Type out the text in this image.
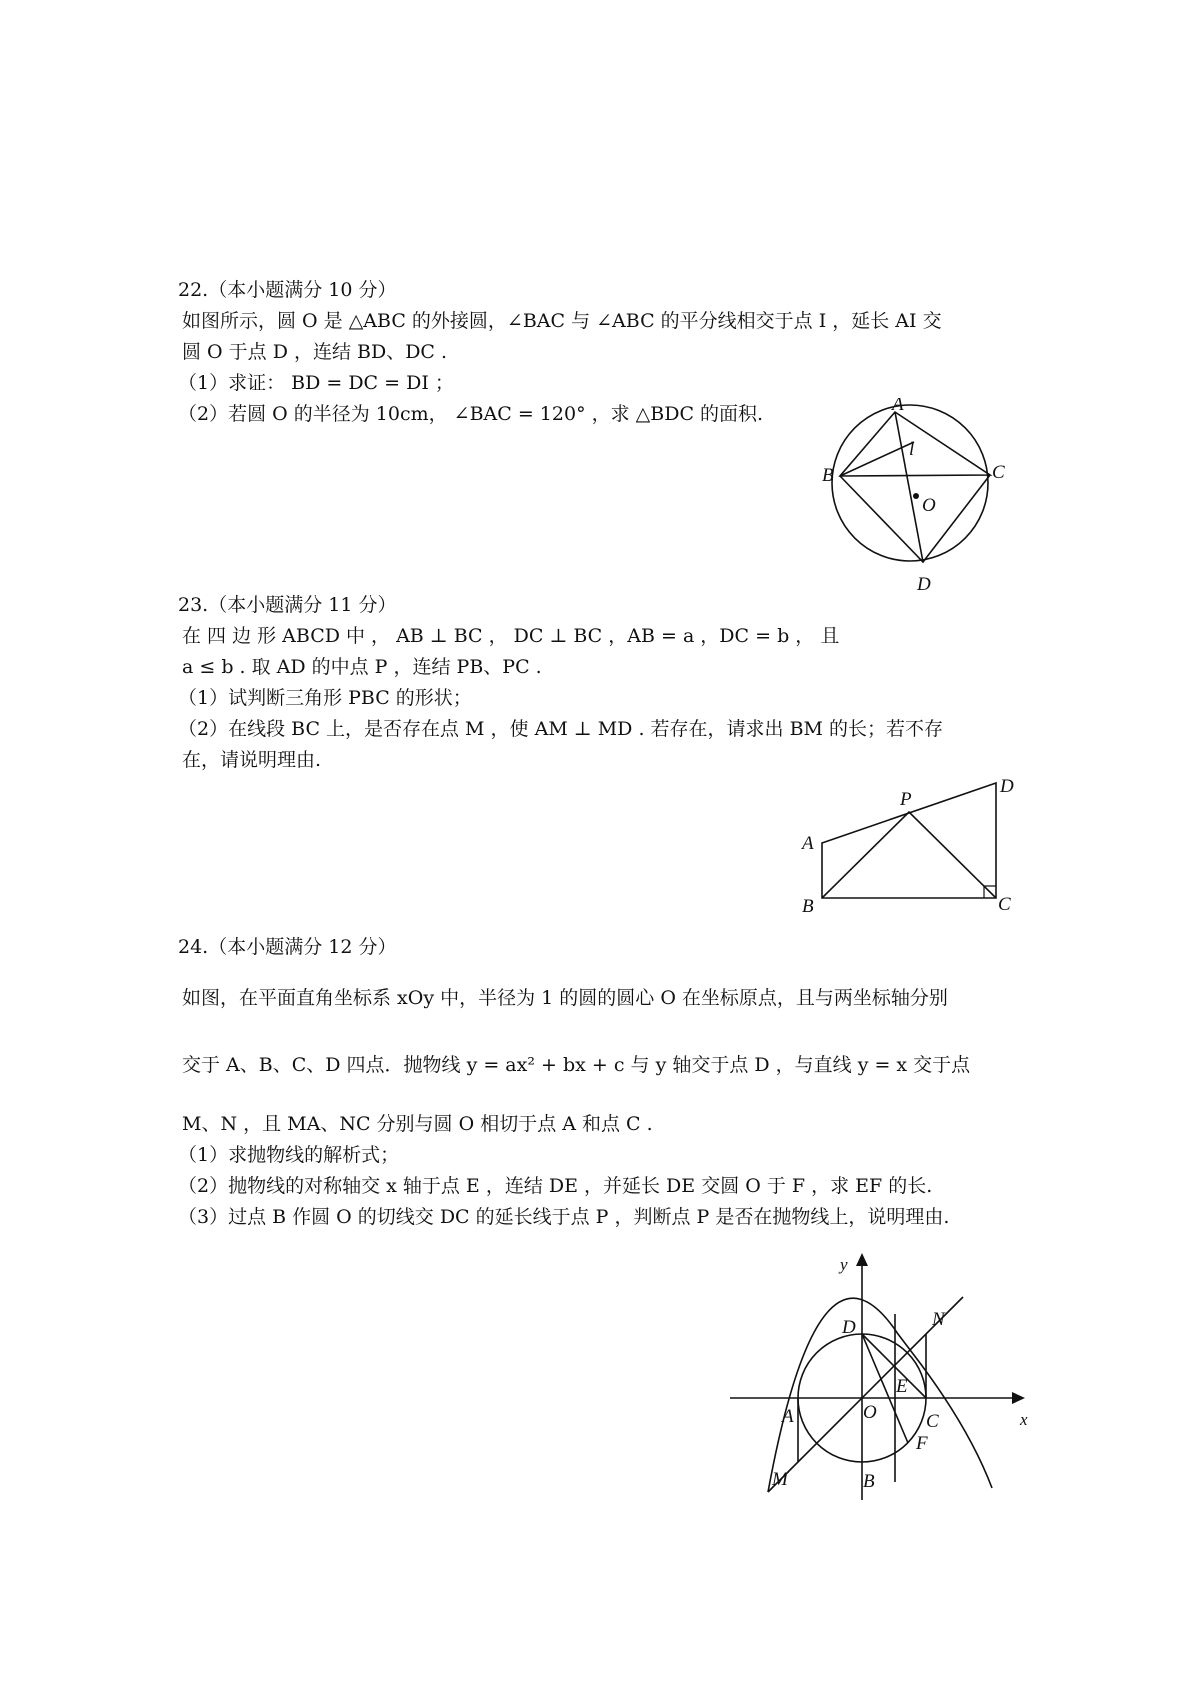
22.（本小题满分 10 分）
如图所示，圆 O 是 △ABC 的外接圆，∠BAC 与 ∠ABC 的平分线相交于点 I ，延长 AI 交
圆 O 于点 D ，连结 BD、DC .
（1）求证： BD = DC = DI ；
（2）若圆 O 的半径为 10cm， ∠BAC = 120° ，求 △BDC 的面积.	A
B	C
D
O
l
23.（本小题满分 11 分）
在 四 边 形 ABCD 中 ， AB ⊥ BC ， DC ⊥ BC ，AB = a ，DC = b ， 且
a ≤ b . 取 AD 的中点 P ，连结 PB、PC .
（1）试判断三角形 PBC 的形状；
（2）在线段 BC 上，是否存在点 M ，使 AM ⊥ MD . 若存在，请求出 BM 的长；若不存
在，请说明理由.
A
B	C
D
P
24.（本小题满分 12 分）
如图，在平面直角坐标系 xOy 中，半径为 1 的圆的圆心 O 在坐标原点，且与两坐标轴分别
交于 A、B、C、D 四点．抛物线 y = ax² + bx + c 与 y 轴交于点 D ，与直线 y = x 交于点
M、N ，且 MA、NC 分别与圆 O 相切于点 A 和点 C .
（1）求抛物线的解析式；
（2）抛物线的对称轴交 x 轴于点 E ，连结 DE ，并延长 DE 交圆 O 于 F ，求 EF 的长.
（3）过点 B 作圆 O 的切线交 DC 的延长线于点 P ，判断点 P 是否在抛物线上，说明理由.
x
y
A
B
C
D
E
F
M
N
O
